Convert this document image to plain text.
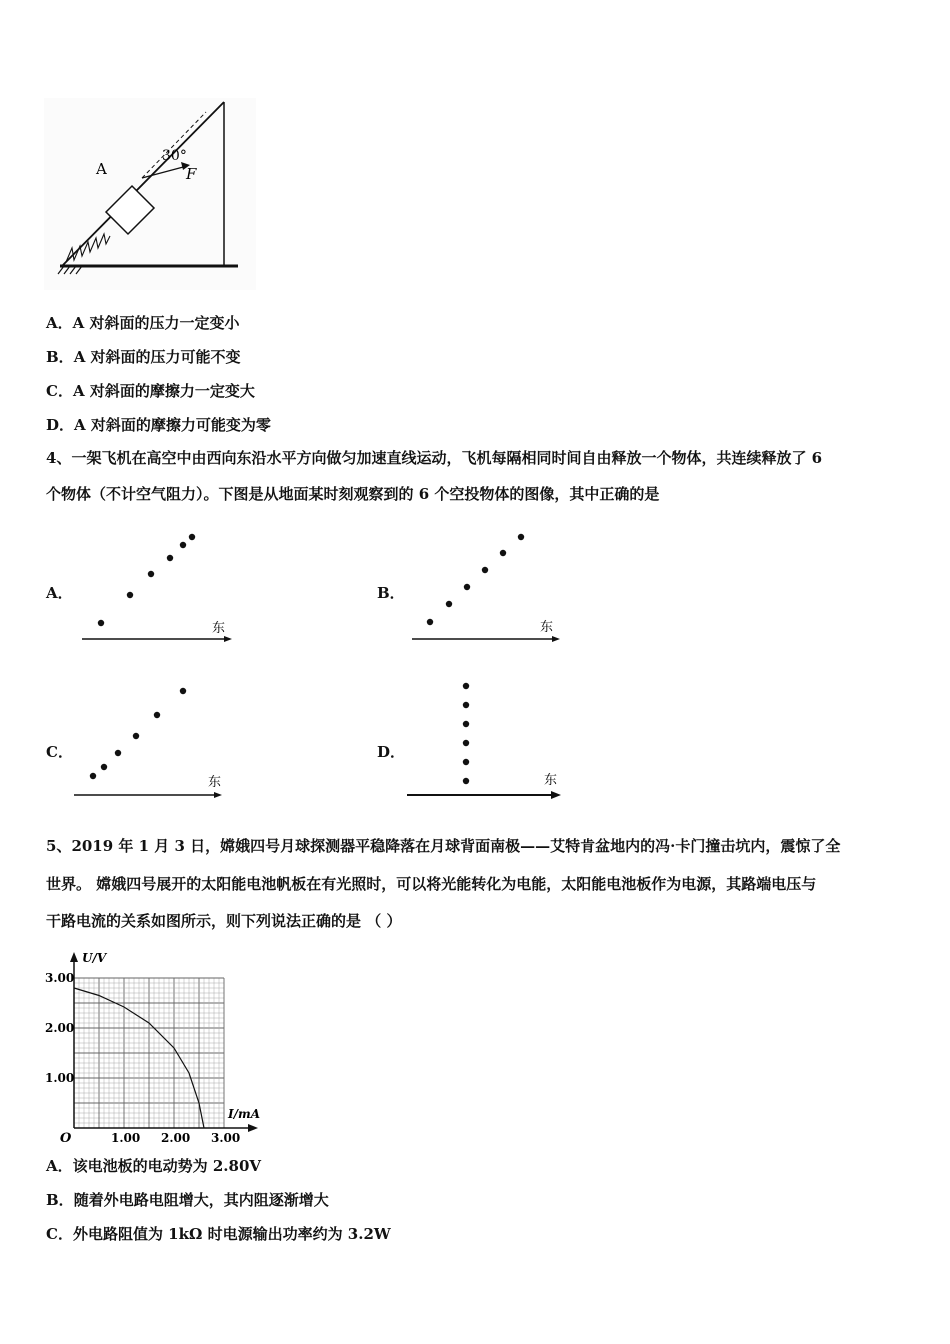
A
30°
F
A．A 对斜面的压力一定变小
B．A 对斜面的压力可能不变
C．A 对斜面的摩擦力一定变大
D．A 对斜面的摩擦力可能变为零
4、一架飞机在高空中由西向东沿水平方向做匀加速直线运动，飞机每隔相同时间自由释放一个物体，共连续释放了 6
个物体（不计空气阻力）。下图是从地面某时刻观察到的 6 个空投物体的图像，其中正确的是
A．	B．
C．	D．
东	东
东	东
5、2019 年 1 月 3 日，嫦娥四号月球探测器平稳降落在月球背面南极——艾特肯盆地内的冯·卡门撞击坑内，震惊了全
世界。 嫦娥四号展开的太阳能电池帆板在有光照时，可以将光能转化为电能，太阳能电池板作为电源，其路端电压与
干路电流的关系如图所示，则下列说法正确的是 （ ）
U/V
I/mA
O	1.00 2.00 3.00
1.00
2.00
3.00
A．该电池板的电动势为 2.80V
B．随着外电路电阻增大，其内阻逐渐增大
C．外电路阻值为 1kΩ 时电源输出功率约为 3.2W
